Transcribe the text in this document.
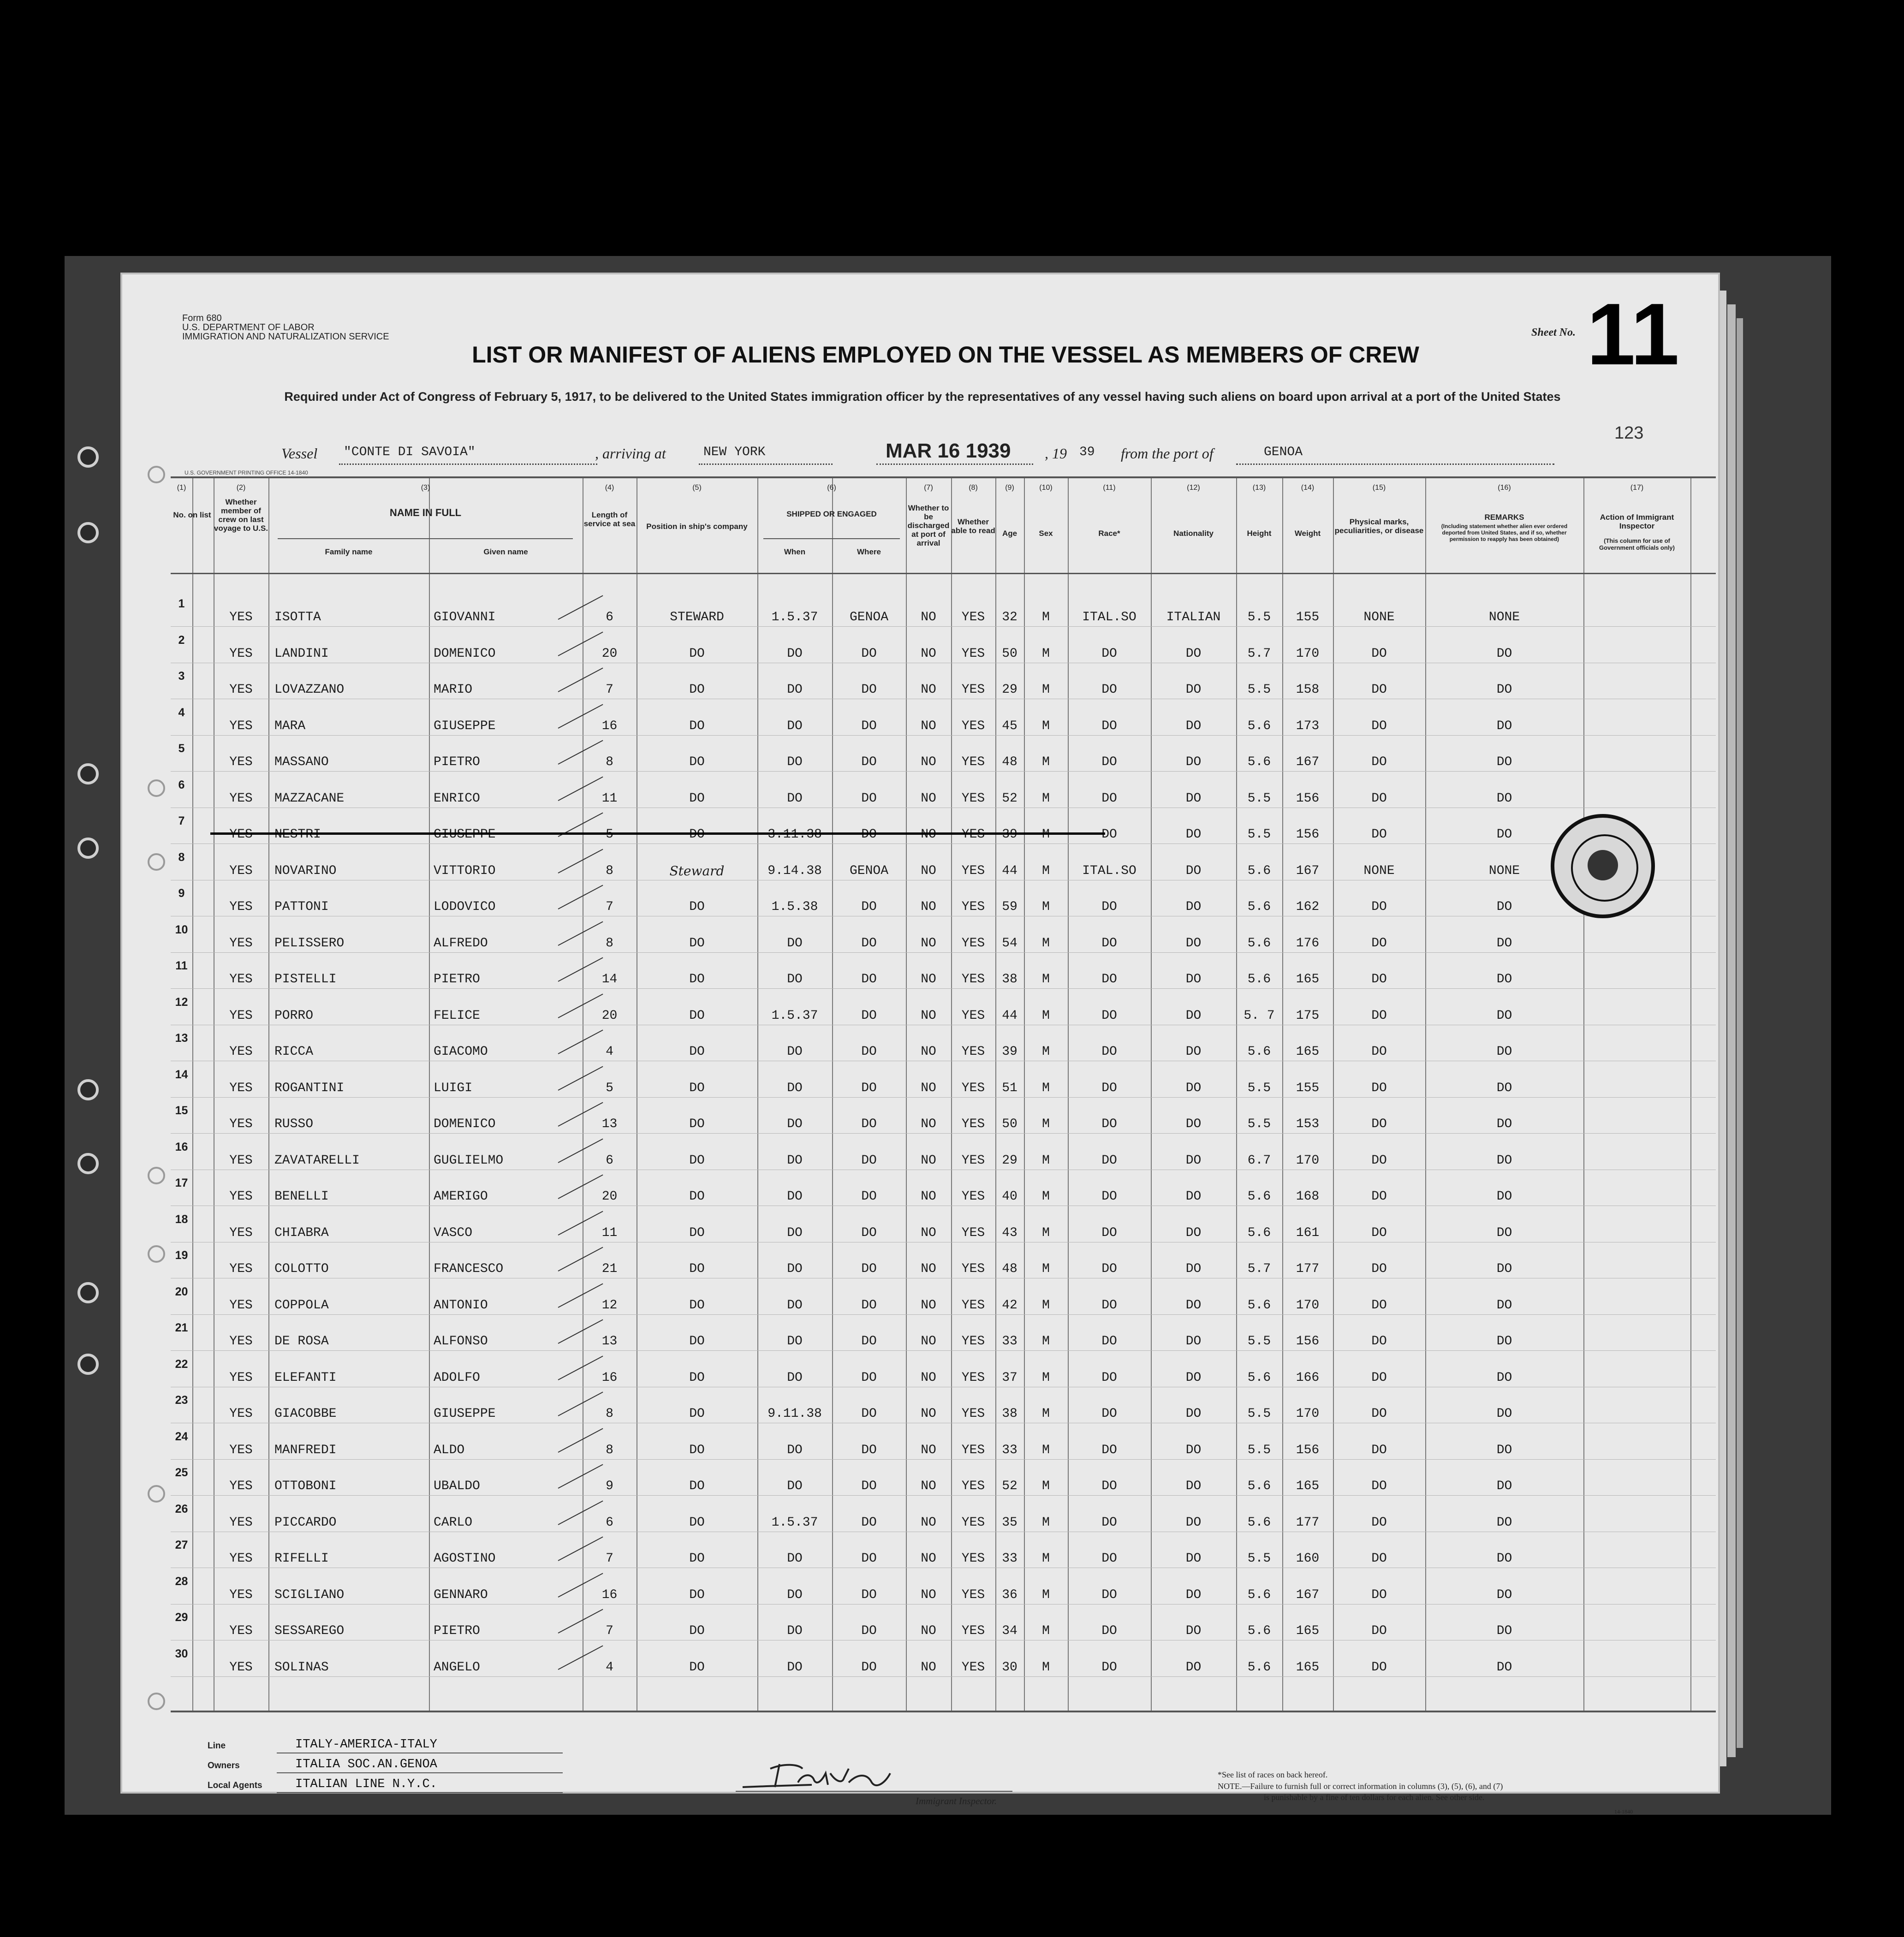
Form 680
U.S. DEPARTMENT OF LABOR
IMMIGRATION AND NATURALIZATION SERVICE
LIST OR MANIFEST OF ALIENS EMPLOYED ON THE VESSEL AS MEMBERS OF CREW
Required under Act of Congress of February 5, 1917, to be delivered to the United States immigration officer by the representatives of any vessel having such aliens on board upon arrival at a port of the United States
Sheet No. 11
123
Vessel "CONTE DI SAVOIA"	, arriving at	NEW YORK	MAR 16 1939 , 19 39 from the port of	GENOA
U.S. GOVERNMENT PRINTING OFFICE 14-1840
(1)
No. on list
(2)
Whether member of crew on last voyage to U.S.
(3)
NAME IN FULL
Family name	Given name
(4)
Length of service at sea
(5)
Position in ship's company
(6)
SHIPPED OR ENGAGED
When	Where
(7)
Whether to be discharged at port of arrival
(8)
Whether able to read
(9)
Age
(10)
Sex
(11)
Race*
(12)
Nationality
(13)
Height
(14)
Weight
(15)
Physical marks, peculiarities, or disease
(16)
REMARKS
(Including statement whether alien ever ordered deported from United States, and if so, whether permission to reapply has been obtained)
(17)
Action of Immigrant Inspector
(This column for use of Government officials only)
1
YES	ISOTTA	GIOVANNI	6	STEWARD	1.5.37	GENOA	NO	YES	32	M	ITAL.SO	ITALIAN	5.5	155	NONE	NONE
2
YES	LANDINI	DOMENICO	20	DO	DO	DO	NO	YES	50	M	DO	DO	5.7	170	DO	DO
3
YES	LOVAZZANO	MARIO	7	DO	DO	DO	NO	YES	29	M	DO	DO	5.5	158	DO	DO
4
YES	MARA	GIUSEPPE	16	DO	DO	DO	NO	YES	45	M	DO	DO	5.6	173	DO	DO
5
YES	MASSANO	PIETRO	8	DO	DO	DO	NO	YES	48	M	DO	DO	5.6	167	DO	DO
6
YES	MAZZACANE	ENRICO	11	DO	DO	DO	NO	YES	52	M	DO	DO	5.5	156	DO	DO
7
YES	NESTRI	GIUSEPPE	5	DO	3.11.38	DO	NO	YES	39	M	DO	DO	5.5	156	DO	DO
8
YES	NOVARINO	VITTORIO	8	Steward	9.14.38	GENOA	NO	YES	44	M	ITAL.SO	DO	5.6	167	NONE	NONE
9
YES	PATTONI	LODOVICO	7	DO	1.5.38	DO	NO	YES	59	M	DO	DO	5.6	162	DO	DO
10
YES	PELISSERO	ALFREDO	8	DO	DO	DO	NO	YES	54	M	DO	DO	5.6	176	DO	DO
11
YES	PISTELLI	PIETRO	14	DO	DO	DO	NO	YES	38	M	DO	DO	5.6	165	DO	DO
12
YES	PORRO	FELICE	20	DO	1.5.37	DO	NO	YES	44	M	DO	DO	5. 7	175	DO	DO
13
YES	RICCA	GIACOMO	4	DO	DO	DO	NO	YES	39	M	DO	DO	5.6	165	DO	DO
14
YES	ROGANTINI	LUIGI	5	DO	DO	DO	NO	YES	51	M	DO	DO	5.5	155	DO	DO
15
YES	RUSSO	DOMENICO	13	DO	DO	DO	NO	YES	50	M	DO	DO	5.5	153	DO	DO
16
YES	ZAVATARELLI	GUGLIELMO	6	DO	DO	DO	NO	YES	29	M	DO	DO	6.7	170	DO	DO
17
YES	BENELLI	AMERIGO	20	DO	DO	DO	NO	YES	40	M	DO	DO	5.6	168	DO	DO
18
YES	CHIABRA	VASCO	11	DO	DO	DO	NO	YES	43	M	DO	DO	5.6	161	DO	DO
19
YES	COLOTTO	FRANCESCO	21	DO	DO	DO	NO	YES	48	M	DO	DO	5.7	177	DO	DO
20
YES	COPPOLA	ANTONIO	12	DO	DO	DO	NO	YES	42	M	DO	DO	5.6	170	DO	DO
21
YES	DE ROSA	ALFONSO	13	DO	DO	DO	NO	YES	33	M	DO	DO	5.5	156	DO	DO
22
YES	ELEFANTI	ADOLFO	16	DO	DO	DO	NO	YES	37	M	DO	DO	5.6	166	DO	DO
23
YES	GIACOBBE	GIUSEPPE	8	DO	9.11.38	DO	NO	YES	38	M	DO	DO	5.5	170	DO	DO
24
YES	MANFREDI	ALDO	8	DO	DO	DO	NO	YES	33	M	DO	DO	5.5	156	DO	DO
25
YES	OTTOBONI	UBALDO	9	DO	DO	DO	NO	YES	52	M	DO	DO	5.6	165	DO	DO
26
YES	PICCARDO	CARLO	6	DO	1.5.37	DO	NO	YES	35	M	DO	DO	5.6	177	DO	DO
27
YES	RIFELLI	AGOSTINO	7	DO	DO	DO	NO	YES	33	M	DO	DO	5.5	160	DO	DO
28
YES	SCIGLIANO	GENNARO	16	DO	DO	DO	NO	YES	36	M	DO	DO	5.6	167	DO	DO
29
YES	SESSAREGO	PIETRO	7	DO	DO	DO	NO	YES	34	M	DO	DO	5.6	165	DO	DO
30
YES	SOLINAS	ANGELO	4	DO	DO	DO	NO	YES	30	M	DO	DO	5.6	165	DO	DO
Line	ITALY-AMERICA-ITALY
Owners	ITALIA SOC.AN.GENOA
Local Agents	ITALIAN LINE N.Y.C.
Immigrant Inspector.
*See list of races on back hereof.
NOTE.—Failure to furnish full or correct information in columns (3), (5), (6), and (7)
is punishable by a fine of ten dollars for each alien. See other side.
14-1840
